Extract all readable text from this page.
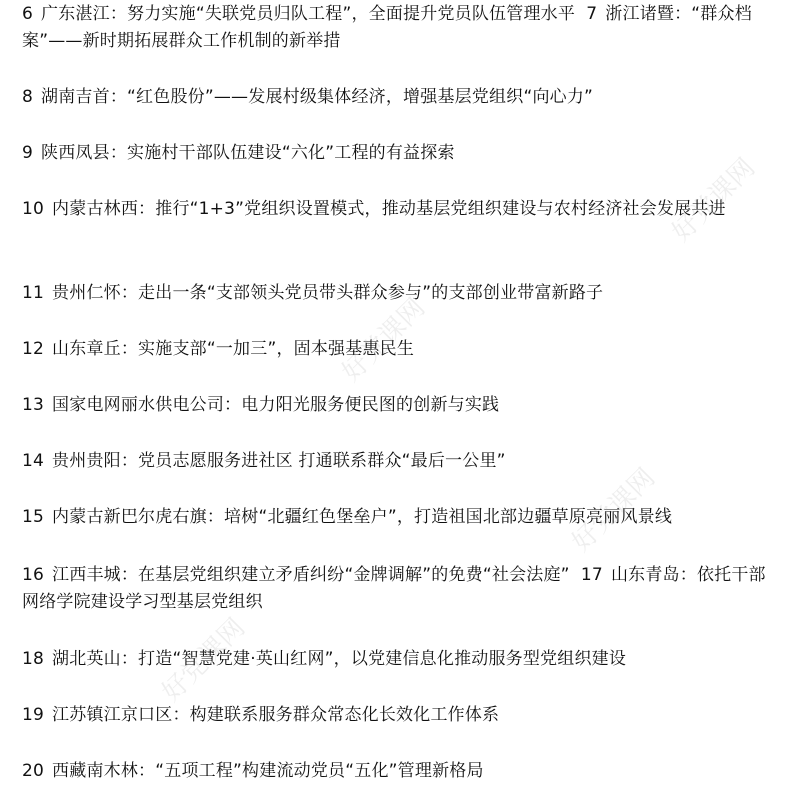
6 广东湛江：努力实施“失联党员归队工程”，全面提升党员队伍管理水平 7 浙江诸暨：“群众档案”——新时期拓展群众工作机制的新举措

8 湖南吉首：“红色股份”——发展村级集体经济，增强基层党组织“向心力”

9 陕西凤县：实施村干部队伍建设“六化”工程的有益探索

10 内蒙古林西：推行“1+3”党组织设置模式，推动基层党组织建设与农村经济社会发展共进

11 贵州仁怀：走出一条“支部领头党员带头群众参与”的支部创业带富新路子

12 山东章丘：实施支部“一加三”，固本强基惠民生

13 国家电网丽水供电公司：电力阳光服务便民图的创新与实践

14 贵州贵阳：党员志愿服务进社区 打通联系群众“最后一公里”

15 内蒙古新巴尔虎右旗：培树“北疆红色堡垒户”，打造祖国北部边疆草原亮丽风景线

16 江西丰城：在基层党组织建立矛盾纠纷“金牌调解”的免费“社会法庭” 17 山东青岛：依托干部网络学院建设学习型基层党组织

18 湖北英山：打造“智慧党建·英山红网”，以党建信息化推动服务型党组织建设

19 江苏镇江京口区：构建联系服务群众常态化长效化工作体系

20 西藏南木林：“五项工程”构建流动党员“五化”管理新格局

好党课网
好党课网
好党课网
好党课网
